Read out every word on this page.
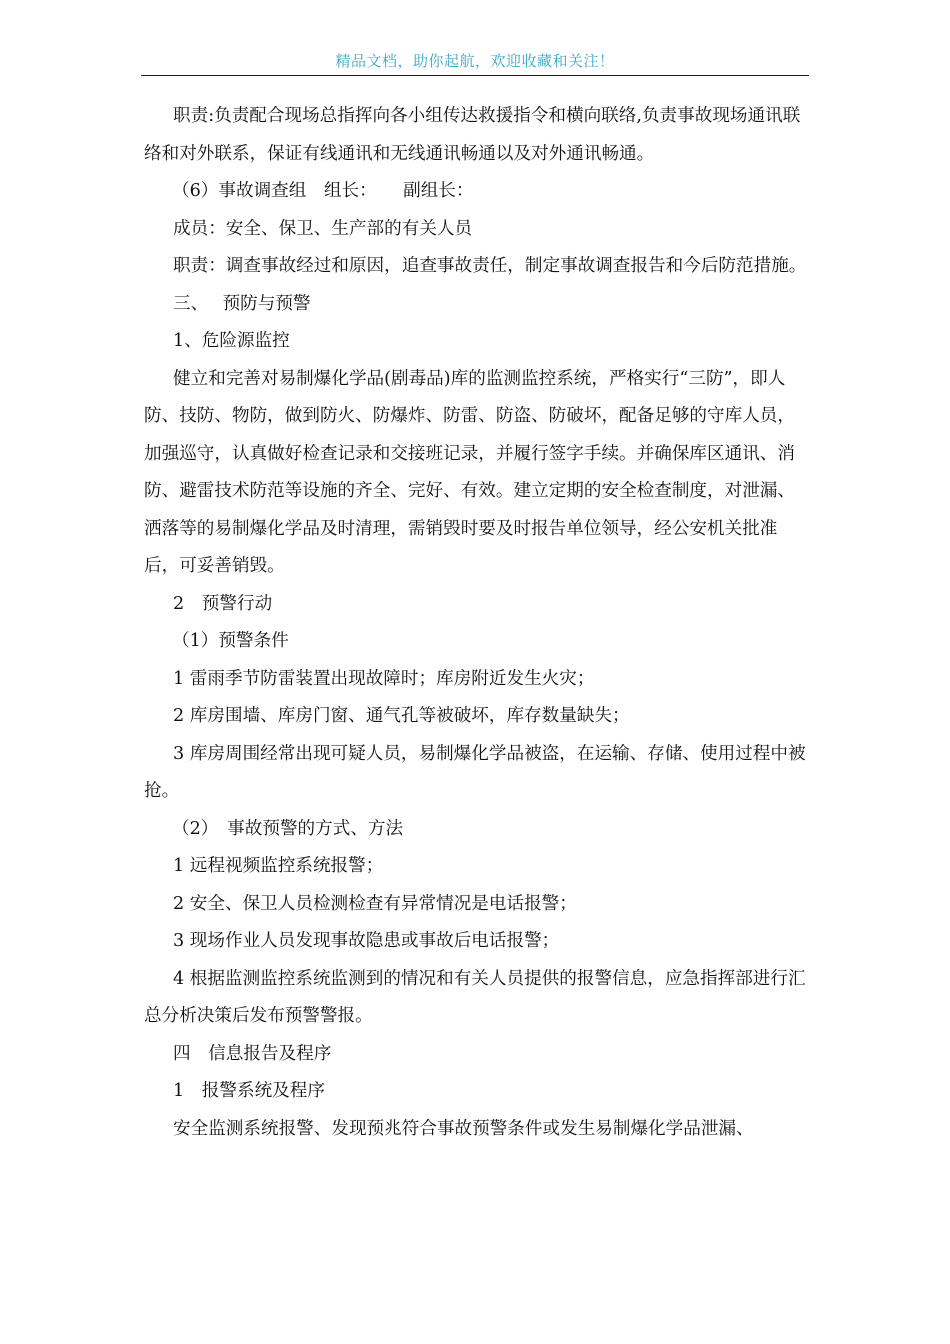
精品文档，助你起航，欢迎收藏和关注！

职责:负责配合现场总指挥向各小组传达救援指令和横向联络,负责事故现场通讯联络和对外联系，保证有线通讯和无线通讯畅通以及对外通讯畅通。

（6）事故调查组　组长：　　副组长：

成员：安全、保卫、生产部的有关人员

职责：调查事故经过和原因，追查事故责任，制定事故调查报告和今后防范措施。

三、　 预防与预警

1、危险源监控

健立和完善对易制爆化学品(剧毒品)库的监测监控系统，严格实行“三防”，即人防、技防、物防，做到防火、防爆炸、防雷、防盗、防破坏，配备足够的守库人员，加强巡守，认真做好检查记录和交接班记录，并履行签字手续。并确保库区通讯、消防、避雷技术防范等设施的齐全、完好、有效。建立定期的安全检查制度，对泄漏、洒落等的易制爆化学品及时清理，需销毁时要及时报告单位领导，经公安机关批准后，可妥善销毁。

2　预警行动

（1）预警条件

1 雷雨季节防雷装置出现故障时；库房附近发生火灾；

2 库房围墙、库房门窗、通气孔等被破坏，库存数量缺失；

3 库房周围经常出现可疑人员，易制爆化学品被盗，在运输、存储、使用过程中被抢。

（2）　事故预警的方式、方法

1 远程视频监控系统报警；

2 安全、保卫人员检测检查有异常情况是电话报警；

3 现场作业人员发现事故隐患或事故后电话报警；

4 根据监测监控系统监测到的情况和有关人员提供的报警信息，应急指挥部进行汇总分析决策后发布预警警报。

四　信息报告及程序

1　报警系统及程序

安全监测系统报警、发现预兆符合事故预警条件或发生易制爆化学品泄漏、
